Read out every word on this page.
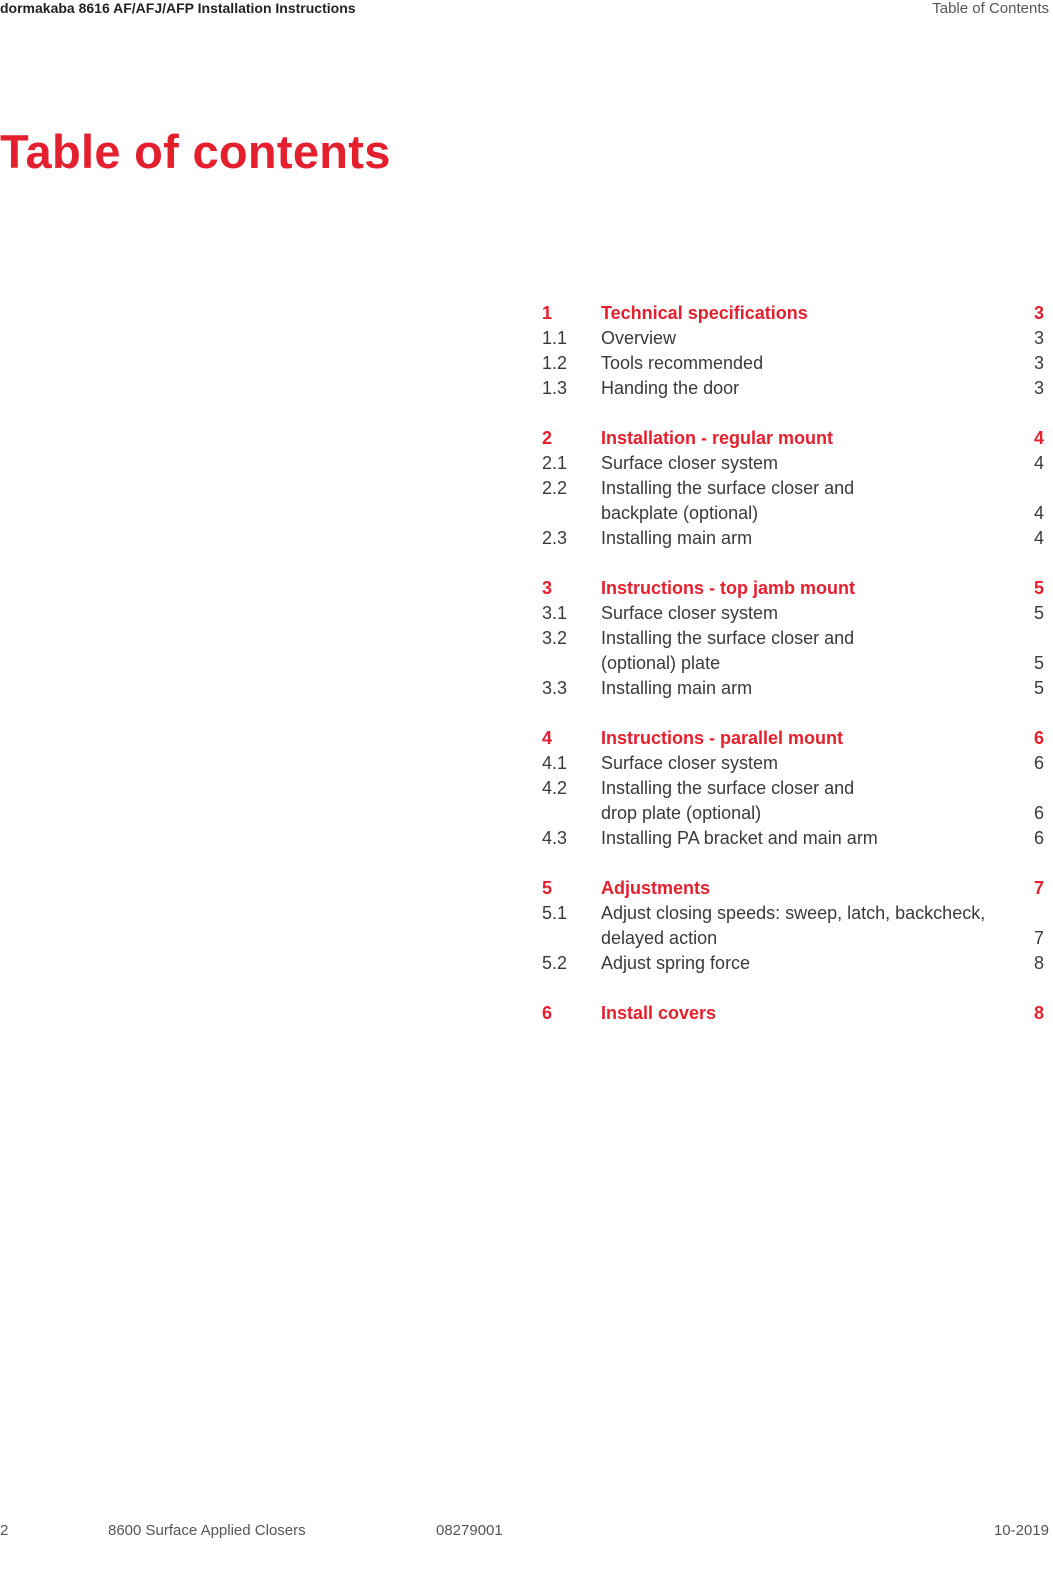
dormakaba 8616 AF/AFJ/AFP Installation Instructions	Table of Contents
Table of contents
1	Technical specifications	3
1.1	Overview	3
1.2	Tools recommended	3
1.3	Handing the door	3
2	Installation - regular mount	4
2.1	Surface closer system	4
2.2	Installing the surface closer and
backplate (optional)	4
2.3	Installing main arm	4
3	Instructions - top jamb mount	5
3.1	Surface closer system	5
3.2	Installing the surface closer and
(optional) plate	5
3.3	Installing main arm	5
4	Instructions - parallel mount	6
4.1	Surface closer system	6
4.2	Installing the surface closer and
drop plate (optional)	6
4.3	Installing PA bracket and main arm	6
5	Adjustments	7
5.1	Adjust closing speeds: sweep, latch, backcheck,
delayed action	7
5.2	Adjust spring force	8
6	Install covers	8
2	8600 Surface Applied Closers	08279001	10-2019
